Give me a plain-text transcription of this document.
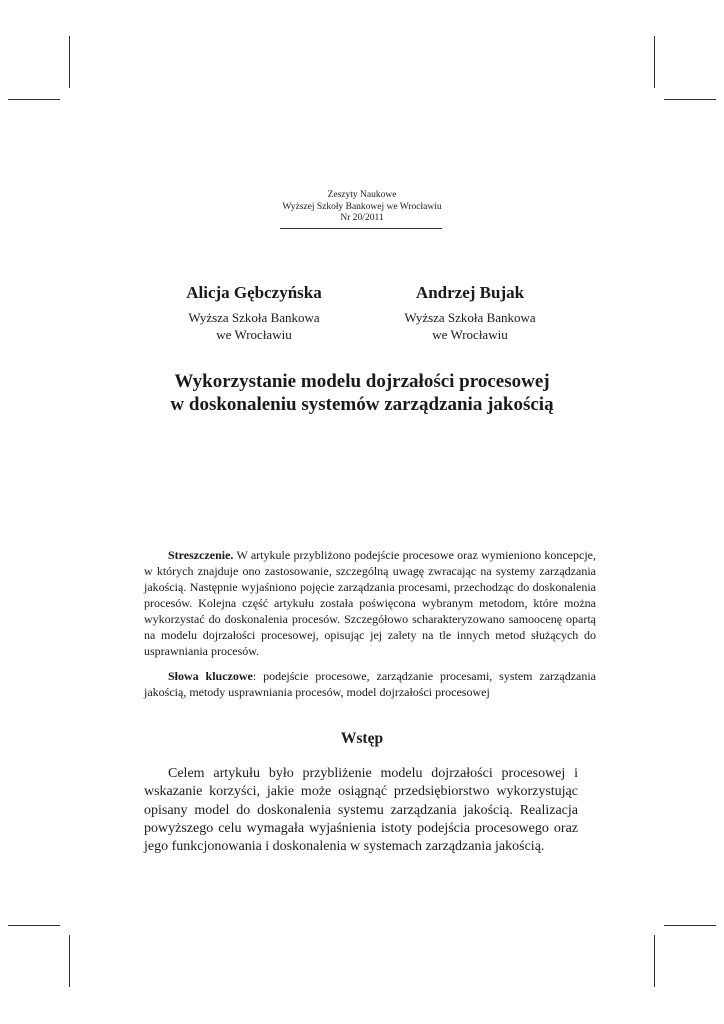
Zeszyty Naukowe
Wyższej Szkoły Bankowej we Wrocławiu
Nr 20/2011
Alicja Gębczyńska
Wyższa Szkoła Bankowa
we Wrocławiu
Andrzej Bujak
Wyższa Szkoła Bankowa
we Wrocławiu
Wykorzystanie modelu dojrzałości procesowej
w doskonaleniu systemów zarządzania jakością

Streszczenie. W artykule przybliżono podejście procesowe oraz wymieniono koncepcje, w których znajduje ono zastosowanie, szczególną uwagę zwracając na systemy zarządzania jakością. Następnie wyjaśniono pojęcie zarządzania procesami, przechodząc do doskonalenia procesów. Kolejna część artykułu została poświęcona wybranym metodom, które można wykorzystać do doskonalenia procesów. Szczegółowo scharakteryzowano samoocenę opartą na modelu dojrzałości procesowej, opisując jej zalety na tle innych metod służących do usprawniania procesów.

Słowa kluczowe: podejście procesowe, zarządzanie procesami, system zarządzania jakością, metody usprawniania procesów, model dojrzałości procesowej

Wstęp

Celem artykułu było przybliżenie modelu dojrzałości procesowej i wskazanie korzyści, jakie może osiągnąć przedsiębiorstwo wykorzystując opisany model do doskonalenia systemu zarządzania jakością. Realizacja powyższego celu wymagała wyjaśnienia istoty podejścia procesowego oraz jego funkcjonowania i doskonalenia w systemach zarządzania jakością.
